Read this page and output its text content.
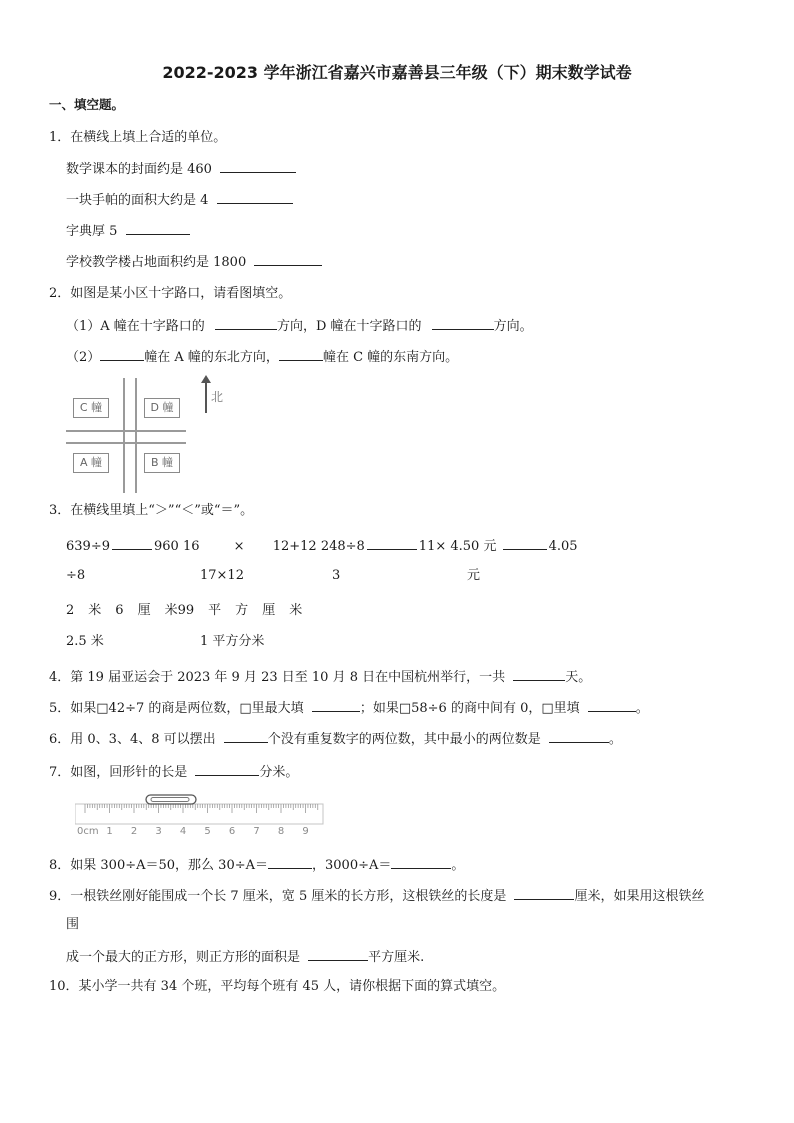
2022-2023 学年浙江省嘉兴市嘉善县三年级（下）期末数学试卷
一、填空题。
1．在横线上填上合适的单位。
数学课本的封面约是 460
一块手帕的面积大约是 4
字典厚 5
学校教学楼占地面积约是 1800
2．如图是某小区十字路口，请看图填空。
（1）A 幢在十字路口的	方向，D 幢在十字路口的	方向。
（2）	幢在 A 幢的东北方向，	幢在 C 幢的东南方向。
C 幢	D 幢
A 幢	B 幢
北
3．在横线里填上“＞”“＜”或“＝”。
639÷9	960 16	× 12+12 248÷8	11× 4.50 元	4.05
÷8	17×12	3	元
2 米 6 厘 米99 平 方 厘 米
2.5 米	1 平方分米
4．第 19 届亚运会于 2023 年 9 月 23 日至 10 月 8 日在中国杭州举行，一共	天。
5．如果□42÷7 的商是两位数，□里最大填	；如果□58÷6 的商中间有 0，□里填	。
6．用 0、3、4、8 可以摆出	个没有重复数字的两位数，其中最小的两位数是	。
7．如图，回形针的长是	分米。
0cm 1 2 3 4 5 6 7 8 9
8．如果 300÷A＝50，那么 30÷A＝	，3000÷A＝	。
9．一根铁丝刚好能围成一个长 7 厘米，宽 5 厘米的长方形，这根铁丝的长度是	厘米，如果用这根铁丝
围
成一个最大的正方形，则正方形的面积是	平方厘米.
10．某小学一共有 34 个班，平均每个班有 45 人，请你根据下面的算式填空。
